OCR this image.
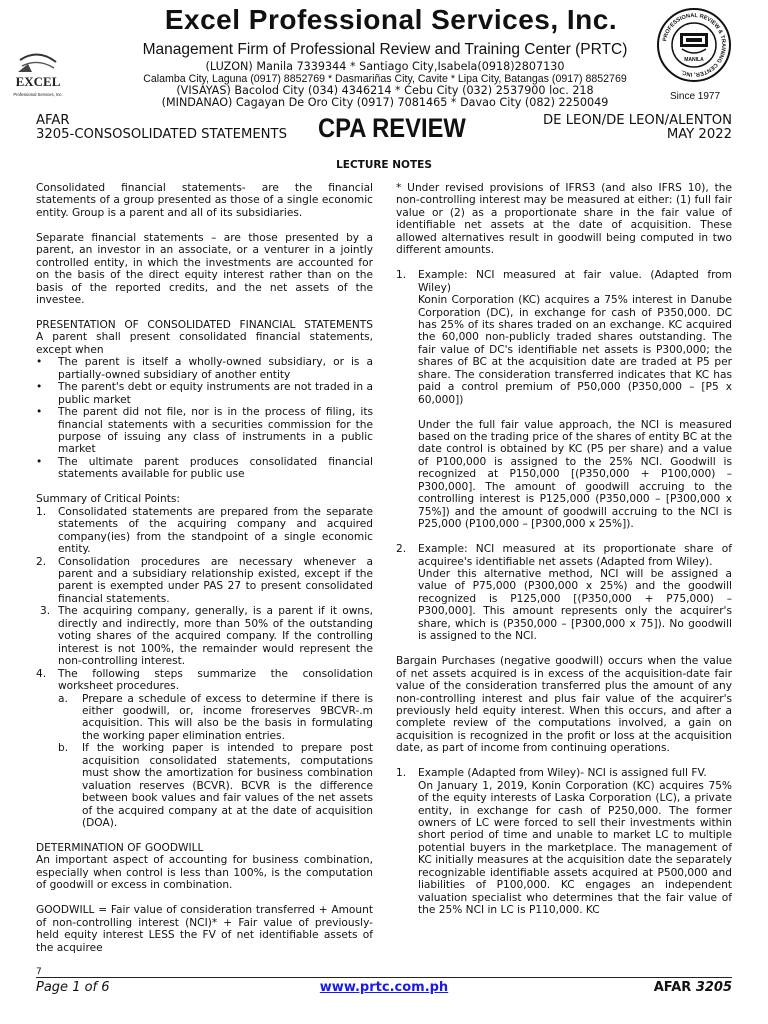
EXCEL
Professional Services, Inc.
Excel Professional Services, Inc.
Management Firm of Professional Review and Training Center (PRTC)
(LUZON) Manila 7339344 * Santiago City,Isabela(0918)2807130
Calamba City, Laguna (0917) 8852769 * Dasmariñas City, Cavite * Lipa City, Batangas (0917) 8852769
(VISAYAS) Bacolod City (034) 4346214 * Cebu City (032) 2537900 loc. 218
(MINDANAO) Cagayan De Oro City (0917) 7081465 * Davao City (082) 2250049
PROFESSIONAL REVIEW & TRAINING CENTER, INC.
MANILA
Since 1977
AFAR
3205-CONSOSOLIDATED STATEMENTS CPA REVIEW	DE LEON/DE LEON/ALENTON
MAY 2022
LECTURE NOTES

Consolidated financial statements- are the financial statements of a group presented as those of a single economic entity. Group is a parent and all of its subsidiaries.

Separate financial statements – are those presented by a parent, an investor in an associate, or a venturer in a jointly controlled entity, in which the investments are accounted for on the basis of the direct equity interest rather than on the basis of the reported credits, and the net assets of the investee.

PRESENTATION OF CONSOLIDATED FINANCIAL STATEMENTS
A parent shall present consolidated financial statements, except when
• The parent is itself a wholly-owned subsidiary, or is a partially-owned subsidiary of another entity
• The parent's debt or equity instruments are not traded in a public market
• The parent did not file, nor is in the process of filing, its financial statements with a securities commission for the purpose of issuing any class of instruments in a public market
• The ultimate parent produces consolidated financial statements available for public use
Summary of Critical Points:
1. Consolidated statements are prepared from the separate statements of the acquiring company and acquired company(ies) from the standpoint of a single economic entity.
2. Consolidation procedures are necessary whenever a parent and a subsidiary relationship existed, except if the parent is exempted under PAS 27 to present consolidated financial statements.
3. The acquiring company, generally, is a parent if it owns, directly and indirectly, more than 50% of the outstanding voting shares of the acquired company. If the controlling interest is not 100%, the remainder would represent the non-controlling interest.
4. The following steps summarize the consolidation worksheet procedures.
a. Prepare a schedule of excess to determine if there is either goodwill, or, income froreserves 9BCVR-.m acquisition. This will also be the basis in formulating the working paper elimination entries.
b. If the working paper is intended to prepare post acquisition consolidated statements, computations must show the amortization for business combination valuation reserves (BCVR). BCVR is the difference between book values and fair values of the net assets of the acquired company at at the date of acquisition (DOA).
DETERMINATION OF GOODWILL

An important aspect of accounting for business combination, especially when control is less than 100%, is the computation of goodwill or excess in combination.

GOODWILL = Fair value of consideration transferred + Amount of non-controlling interest (NCI)* + Fair value of previously-held equity interest LESS the FV of net identifiable assets of the acquiree

* Under revised provisions of IFRS3 (and also IFRS 10), the non-controlling interest may be measured at either: (1) full fair value or (2) as a proportionate share in the fair value of identifiable net assets at the date of acquisition. These allowed alternatives result in goodwill being computed in two different amounts.

1. Example: NCI measured at fair value. (Adapted from Wiley)

Konin Corporation (KC) acquires a 75% interest in Danube Corporation (DC), in exchange for cash of P350,000. DC has 25% of its shares traded on an exchange. KC acquired the 60,000 non-publicly traded shares outstanding. The fair value of DC's identifiable net assets is P300,000; the shares of BC at the acquisition date are traded at P5 per share. The consideration transferred indicates that KC has paid a control premium of P50,000 (P350,000 – [P5 x 60,000])

Under the full fair value approach, the NCI is measured based on the trading price of the shares of entity BC at the date control is obtained by KC (P5 per share) and a value of P100,000 is assigned to the 25% NCI. Goodwill is recognized at P150,000 [(P350,000 + P100,000) – P300,000]. The amount of goodwill accruing to the controlling interest is P125,000 (P350,000 – [P300,000 x 75%]) and the amount of goodwill accruing to the NCI is P25,000 (P100,000 – [P300,000 x 25%]).

2. Example: NCI measured at its proportionate share of acquiree's identifiable net assets (Adapted from Wiley).

Under this alternative method, NCI will be assigned a value of P75,000 (P300,000 x 25%) and the goodwill recognized is P125,000 [(P350,000 + P75,000) – P300,000]. This amount represents only the acquirer's share, which is (P350,000 – [P300,000 x 75]). No goodwill is assigned to the NCI.

Bargain Purchases (negative goodwill) occurs when the value of net assets acquired is in excess of the acquisition-date fair value of the consideration transferred plus the amount of any non-controlling interest and plus fair value of the acquirer's previously held equity interest. When this occurs, and after a complete review of the computations involved, a gain on acquisition is recognized in the profit or loss at the acquisition date, as part of income from continuing operations.

1. Example (Adapted from Wiley)- NCI is assigned full FV.

On January 1, 2019, Konin Corporation (KC) acquires 75% of the equity interests of Laska Corporation (LC), a private entity, in exchange for cash of P250,000. The former owners of LC were forced to sell their investments within short period of time and unable to market LC to multiple potential buyers in the marketplace. The management of KC initially measures at the acquisition date the separately recognizable identifiable assets acquired at P500,000 and liabilities of P100,000. KC engages an independent valuation specialist who determines that the fair value of the 25% NCI in LC is P110,000. KC

7
Page 1 of 6	www.prtc.com.ph	AFAR 3205
